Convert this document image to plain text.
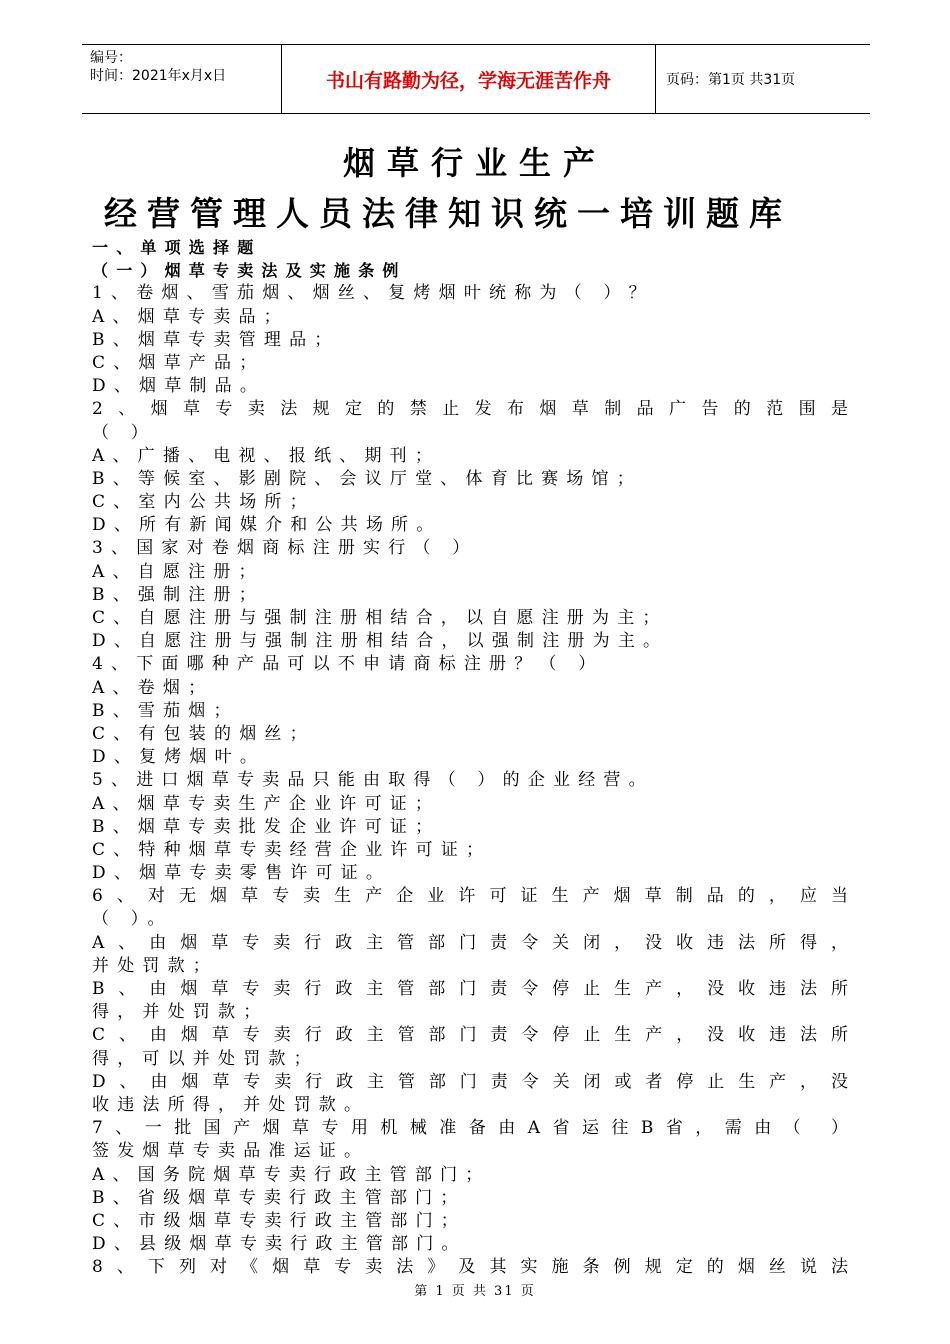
编号：
时间：2021年x月x日	书山有路勤为径，学海无涯苦作舟	页码：第1页 共31页
烟草行业生产
经营管理人员法律知识统一培训题库
一、单项选择题
（一）烟草专卖法及实施条例
1、卷烟、雪茄烟、烟丝、复烤烟叶统称为（ ）？
A、烟草专卖品；
B、烟草专卖管理品；
C、烟草产品；
D、烟草制品。
2、烟草专卖法规定的禁止发布烟草制品广告的范围是
（ ）
A、广播、电视、报纸、期刊；
B、等候室、影剧院、会议厅堂、体育比赛场馆；
C、室内公共场所；
D、所有新闻媒介和公共场所。
3、国家对卷烟商标注册实行（ ）
A、自愿注册；
B、强制注册；
C、自愿注册与强制注册相结合，以自愿注册为主；
D、自愿注册与强制注册相结合，以强制注册为主。
4、下面哪种产品可以不申请商标注册？（ ）
A、卷烟；
B、雪茄烟；
C、有包装的烟丝；
D、复烤烟叶。
5、进口烟草专卖品只能由取得（ ）的企业经营。
A、烟草专卖生产企业许可证；
B、烟草专卖批发企业许可证；
C、特种烟草专卖经营企业许可证；
D、烟草专卖零售许可证。
6、对无烟草专卖生产企业许可证生产烟草制品的，应当
（ ）。
A、由烟草专卖行政主管部门责令关闭，没收违法所得，
并处罚款；
B、由烟草专卖行政主管部门责令停止生产，没收违法所
得，并处罚款；
C、由烟草专卖行政主管部门责令停止生产，没收违法所
得，可以并处罚款；
D、由烟草专卖行政主管部门责令关闭或者停止生产，没
收违法所得，并处罚款。
7、一批国产烟草专用机械准备由A省运往B省，需由（ ）
签发烟草专卖品准运证。
A、国务院烟草专卖行政主管部门；
B、省级烟草专卖行政主管部门；
C、市级烟草专卖行政主管部门；
D、县级烟草专卖行政主管部门。
8、下列对《烟草专卖法》及其实施条例规定的烟丝说法
第 1 页 共 31 页
